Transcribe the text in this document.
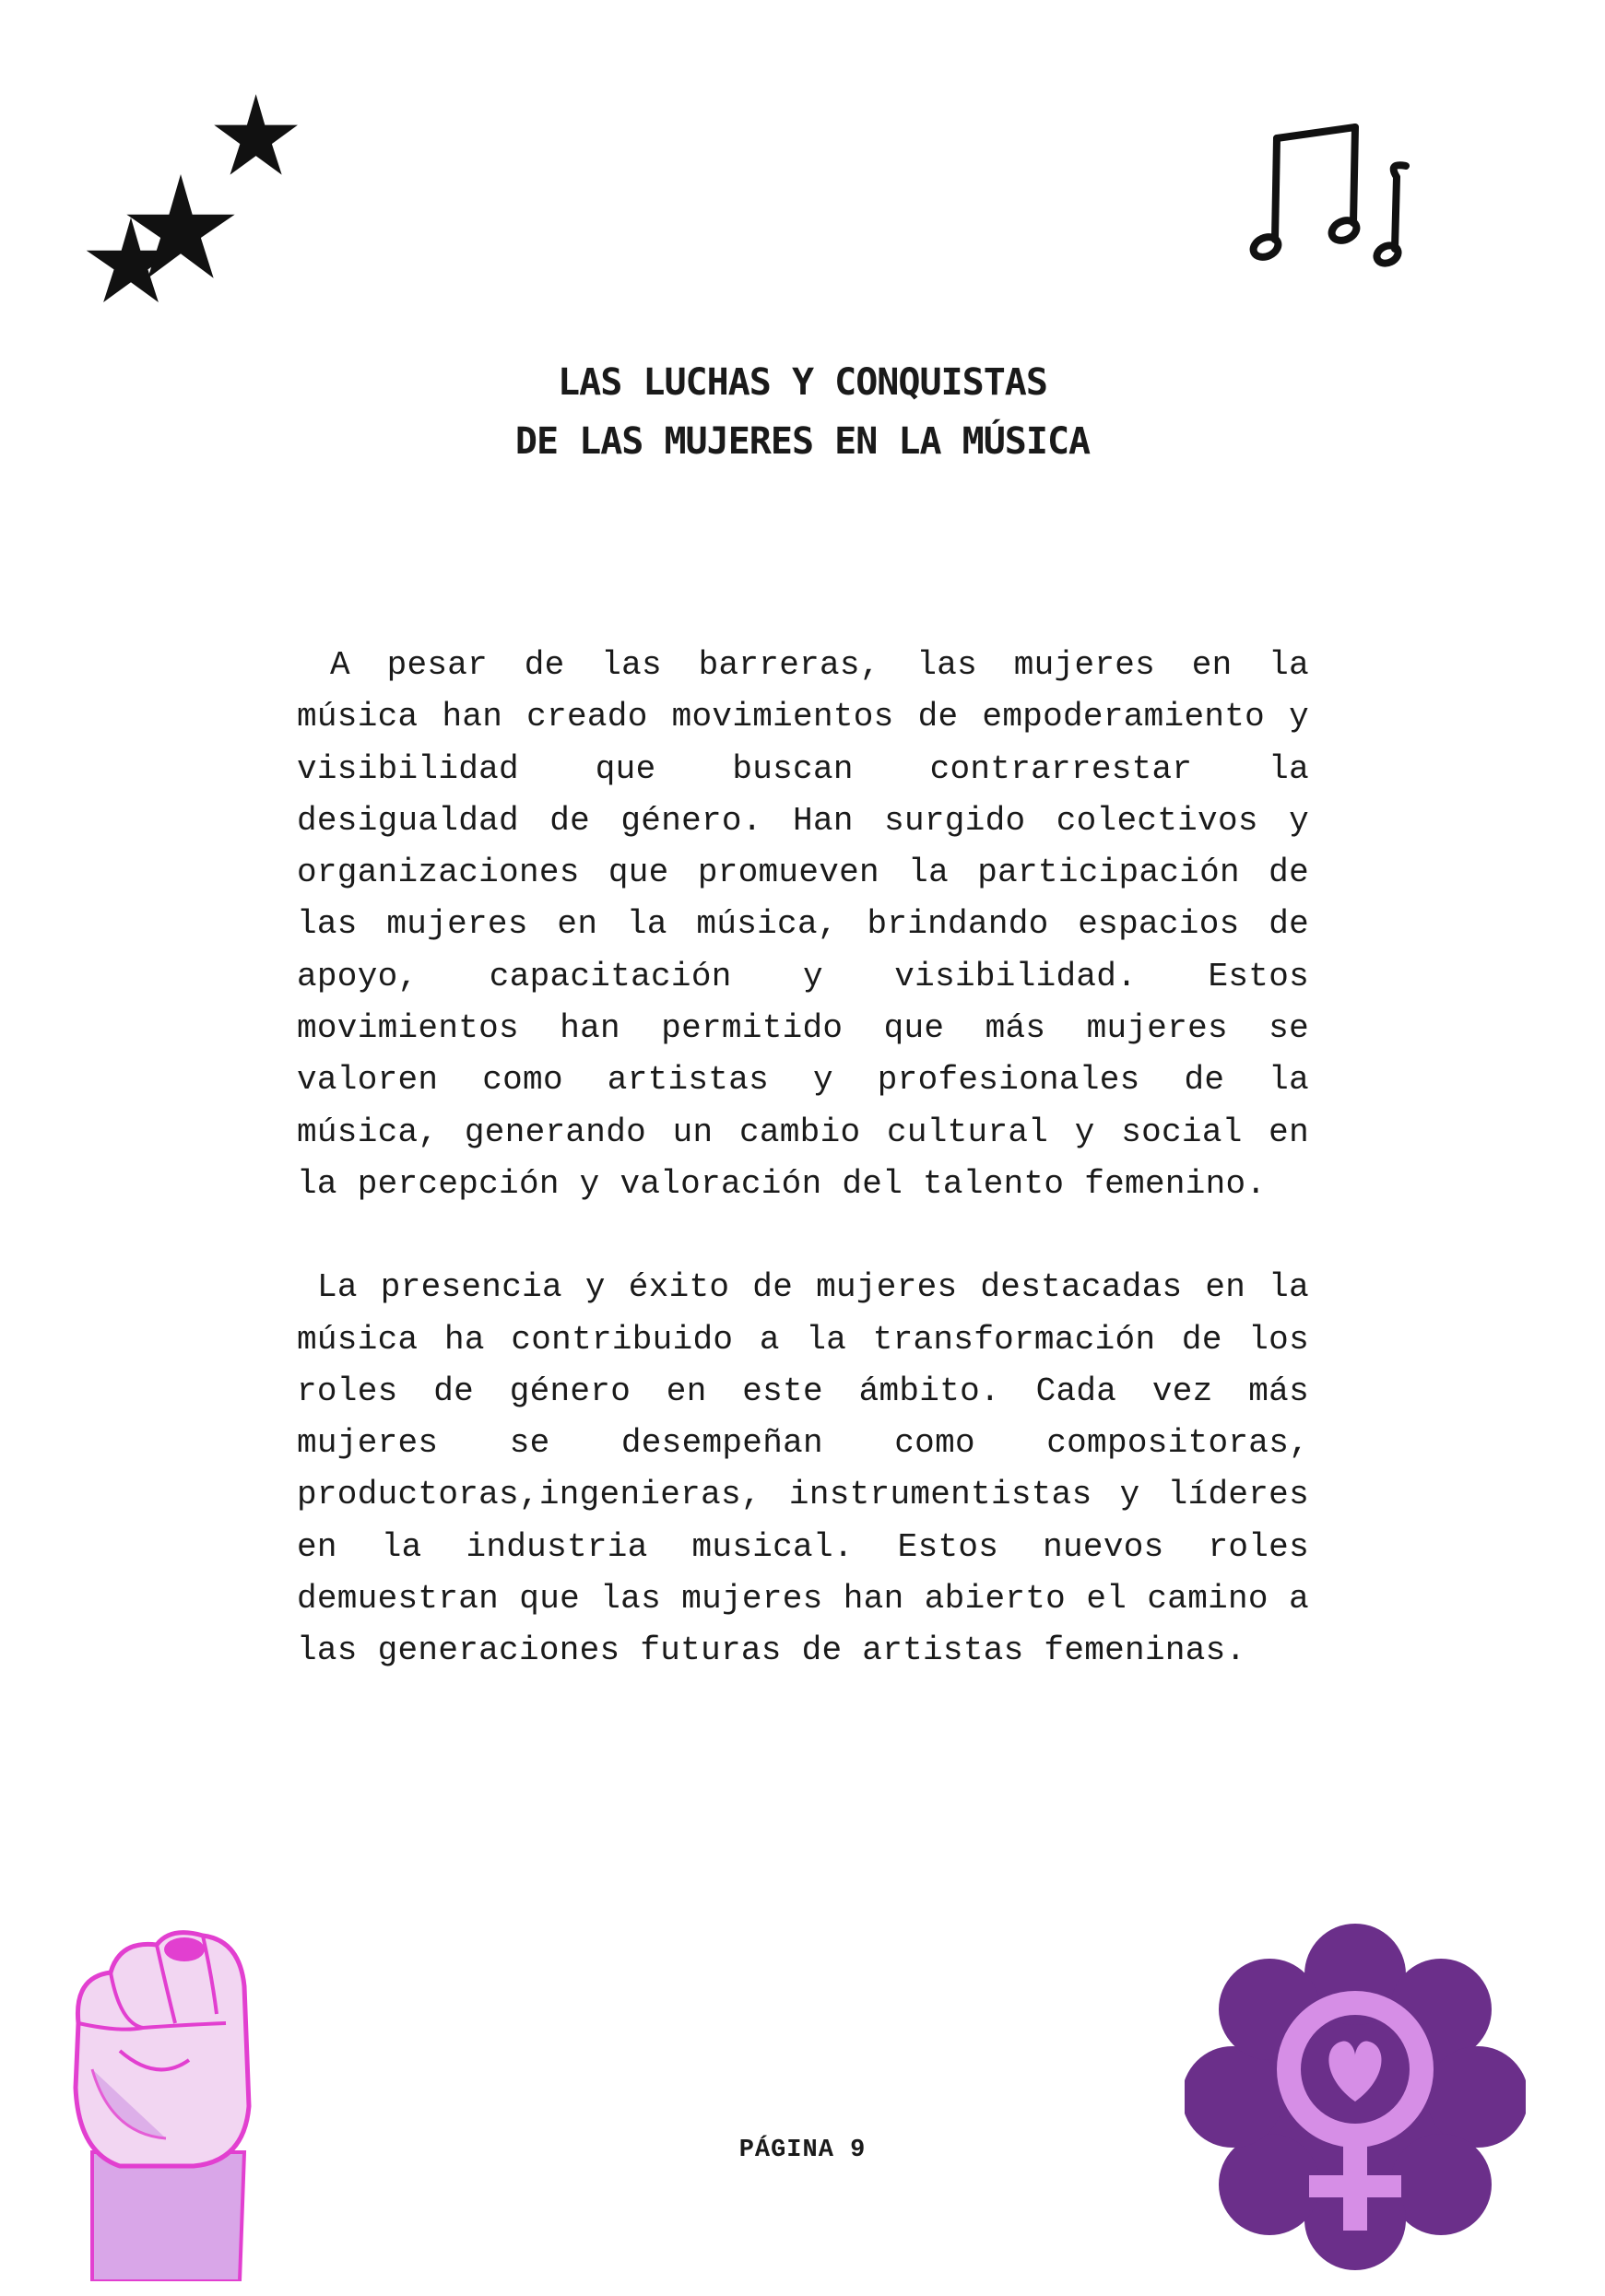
LAS LUCHAS Y CONQUISTAS
DE LAS MUJERES EN LA MÚSICA

A pesar de las barreras, las mujeres en la música han creado movimientos de empoderamiento y visibilidad que buscan contrarrestar la desigualdad de género. Han surgido colectivos y organizaciones que promueven la participación de las mujeres en la música, brindando espacios de apoyo, capacitación y visibilidad. Estos movimientos han permitido que más mujeres se valoren como artistas y profesionales de la música, generando un cambio cultural y social en la percepción y valoración del talento femenino.

La presencia y éxito de mujeres destacadas en la música ha contribuido a la transformación de los roles de género en este ámbito. Cada vez más mujeres se desempeñan como compositoras, productoras,ingenieras, instrumentistas y líderes en la industria musical. Estos nuevos roles demuestran que las mujeres han abierto el camino a las generaciones futuras de artistas femeninas.

PÁGINA 9
